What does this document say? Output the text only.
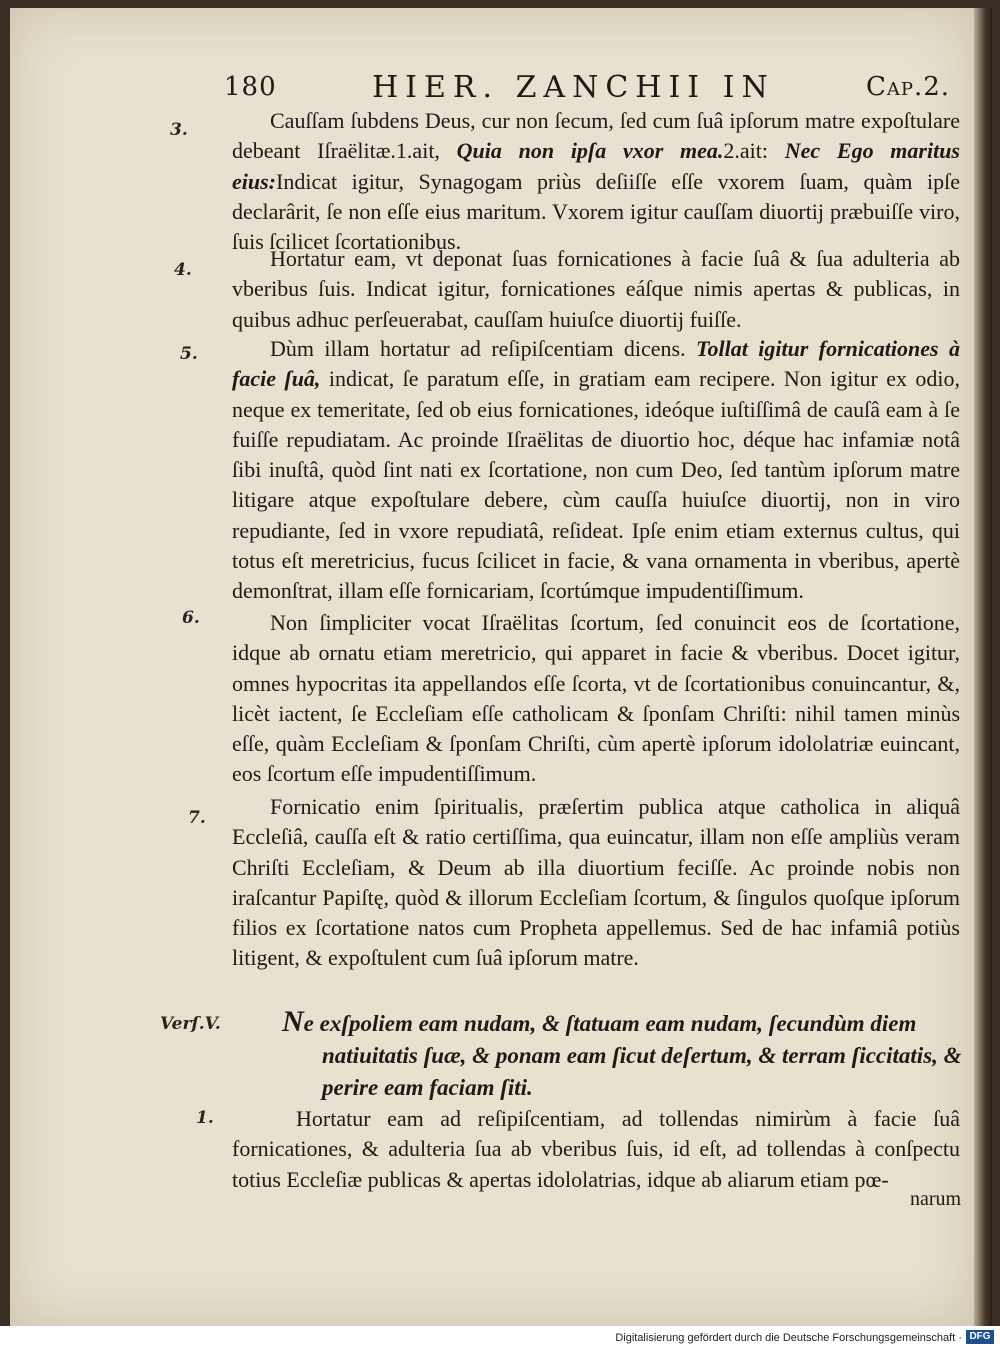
180	HIER. ZANCHII IN	Cap.2.
3.
4.
5.
6.
7.
Verſ.V.
1.

Cauſſam ſubdens Deus, cur non ſecum, ſed cum ſuâ ipſorum matre expoſtulare debeant Iſraëlitæ.1.ait, Quia non ipſa vxor mea.2.ait: Nec Ego maritus eius:Indicat igitur, Synagogam priùs deſiiſſe eſſe vxorem ſuam, quàm ipſe declarârit, ſe non eſſe eius maritum. Vxorem igitur cauſſam diuortij præbuiſſe viro, ſuis ſcilicet ſcortationibus.

Hortatur eam, vt deponat ſuas fornicationes à facie ſuâ & ſua adulteria ab vberibus ſuis. Indicat igitur, fornicationes eáſque nimis apertas & publicas, in quibus adhuc perſeuerabat, cauſſam huiuſce diuortij fuiſſe.

Dùm illam hortatur ad reſipiſcentiam dicens. Tollat igitur fornicationes à facie ſuâ, indicat, ſe paratum eſſe, in gratiam eam recipere. Non igitur ex odio, neque ex temeritate, ſed ob eius fornicationes, ideóque iuſtiſſimâ de cauſâ eam à ſe fuiſſe repudiatam. Ac proinde Iſraëlitas de diuortio hoc, déque hac infamiæ notâ ſibi inuſtâ, quòd ſint nati ex ſcortatione, non cum Deo, ſed tantùm ipſorum matre litigare atque expoſtulare debere, cùm cauſſa huiuſce diuortij, non in viro repudiante, ſed in vxore repudiatâ, reſideat. Ipſe enim etiam externus cultus, qui totus eſt meretricius, fucus ſcilicet in facie, & vana ornamenta in vberibus, apertè demonſtrat, illam eſſe fornicariam, ſcortúmque impudentiſſimum.

Non ſimpliciter vocat Iſraëlitas ſcortum, ſed conuincit eos de ſcortatione, idque ab ornatu etiam meretricio, qui apparet in facie & vberibus. Docet igitur, omnes hypocritas ita appellandos eſſe ſcorta, vt de ſcortationibus conuincantur, &, licèt iactent, ſe Eccleſiam eſſe catholicam & ſponſam Chriſti: nihil tamen minùs eſſe, quàm Eccleſiam & ſponſam Chriſti, cùm apertè ipſorum idololatriæ euincant, eos ſcortum eſſe impudentiſſimum.

Fornicatio enim ſpiritualis, præſertim publica atque catholica in aliquâ Eccleſiâ, cauſſa eſt & ratio certiſſima, qua euincatur, illam non eſſe ampliùs veram Chriſti Eccleſiam, & Deum ab illa diuortium feciſſe. Ac proinde nobis non iraſcantur Papiſtę, quòd & illorum Eccleſiam ſcortum, & ſingulos quoſque ipſorum filios ex ſcortatione natos cum Propheta appellemus. Sed de hac infamiâ potiùs litigent, & expoſtulent cum ſuâ ipſorum matre.

Ne exſpoliem eam nudam, & ſtatuam eam nudam, ſecundùm diem
natiuitatis ſuæ, & ponam eam ſicut deſertum, & terram ſiccitatis, & perire eam faciam ſiti.

Hortatur eam ad reſipiſcentiam, ad tollendas nimirùm à facie ſuâ fornicationes, & adulteria ſua ab vberibus ſuis, id eſt, ad tollendas à conſpectu totius Eccleſiæ publicas & apertas idololatrias, idque ab aliarum etiam pœ-

narum
Digitalisierung gefördert durch die Deutsche Forschungsgemeinschaft · DFG
